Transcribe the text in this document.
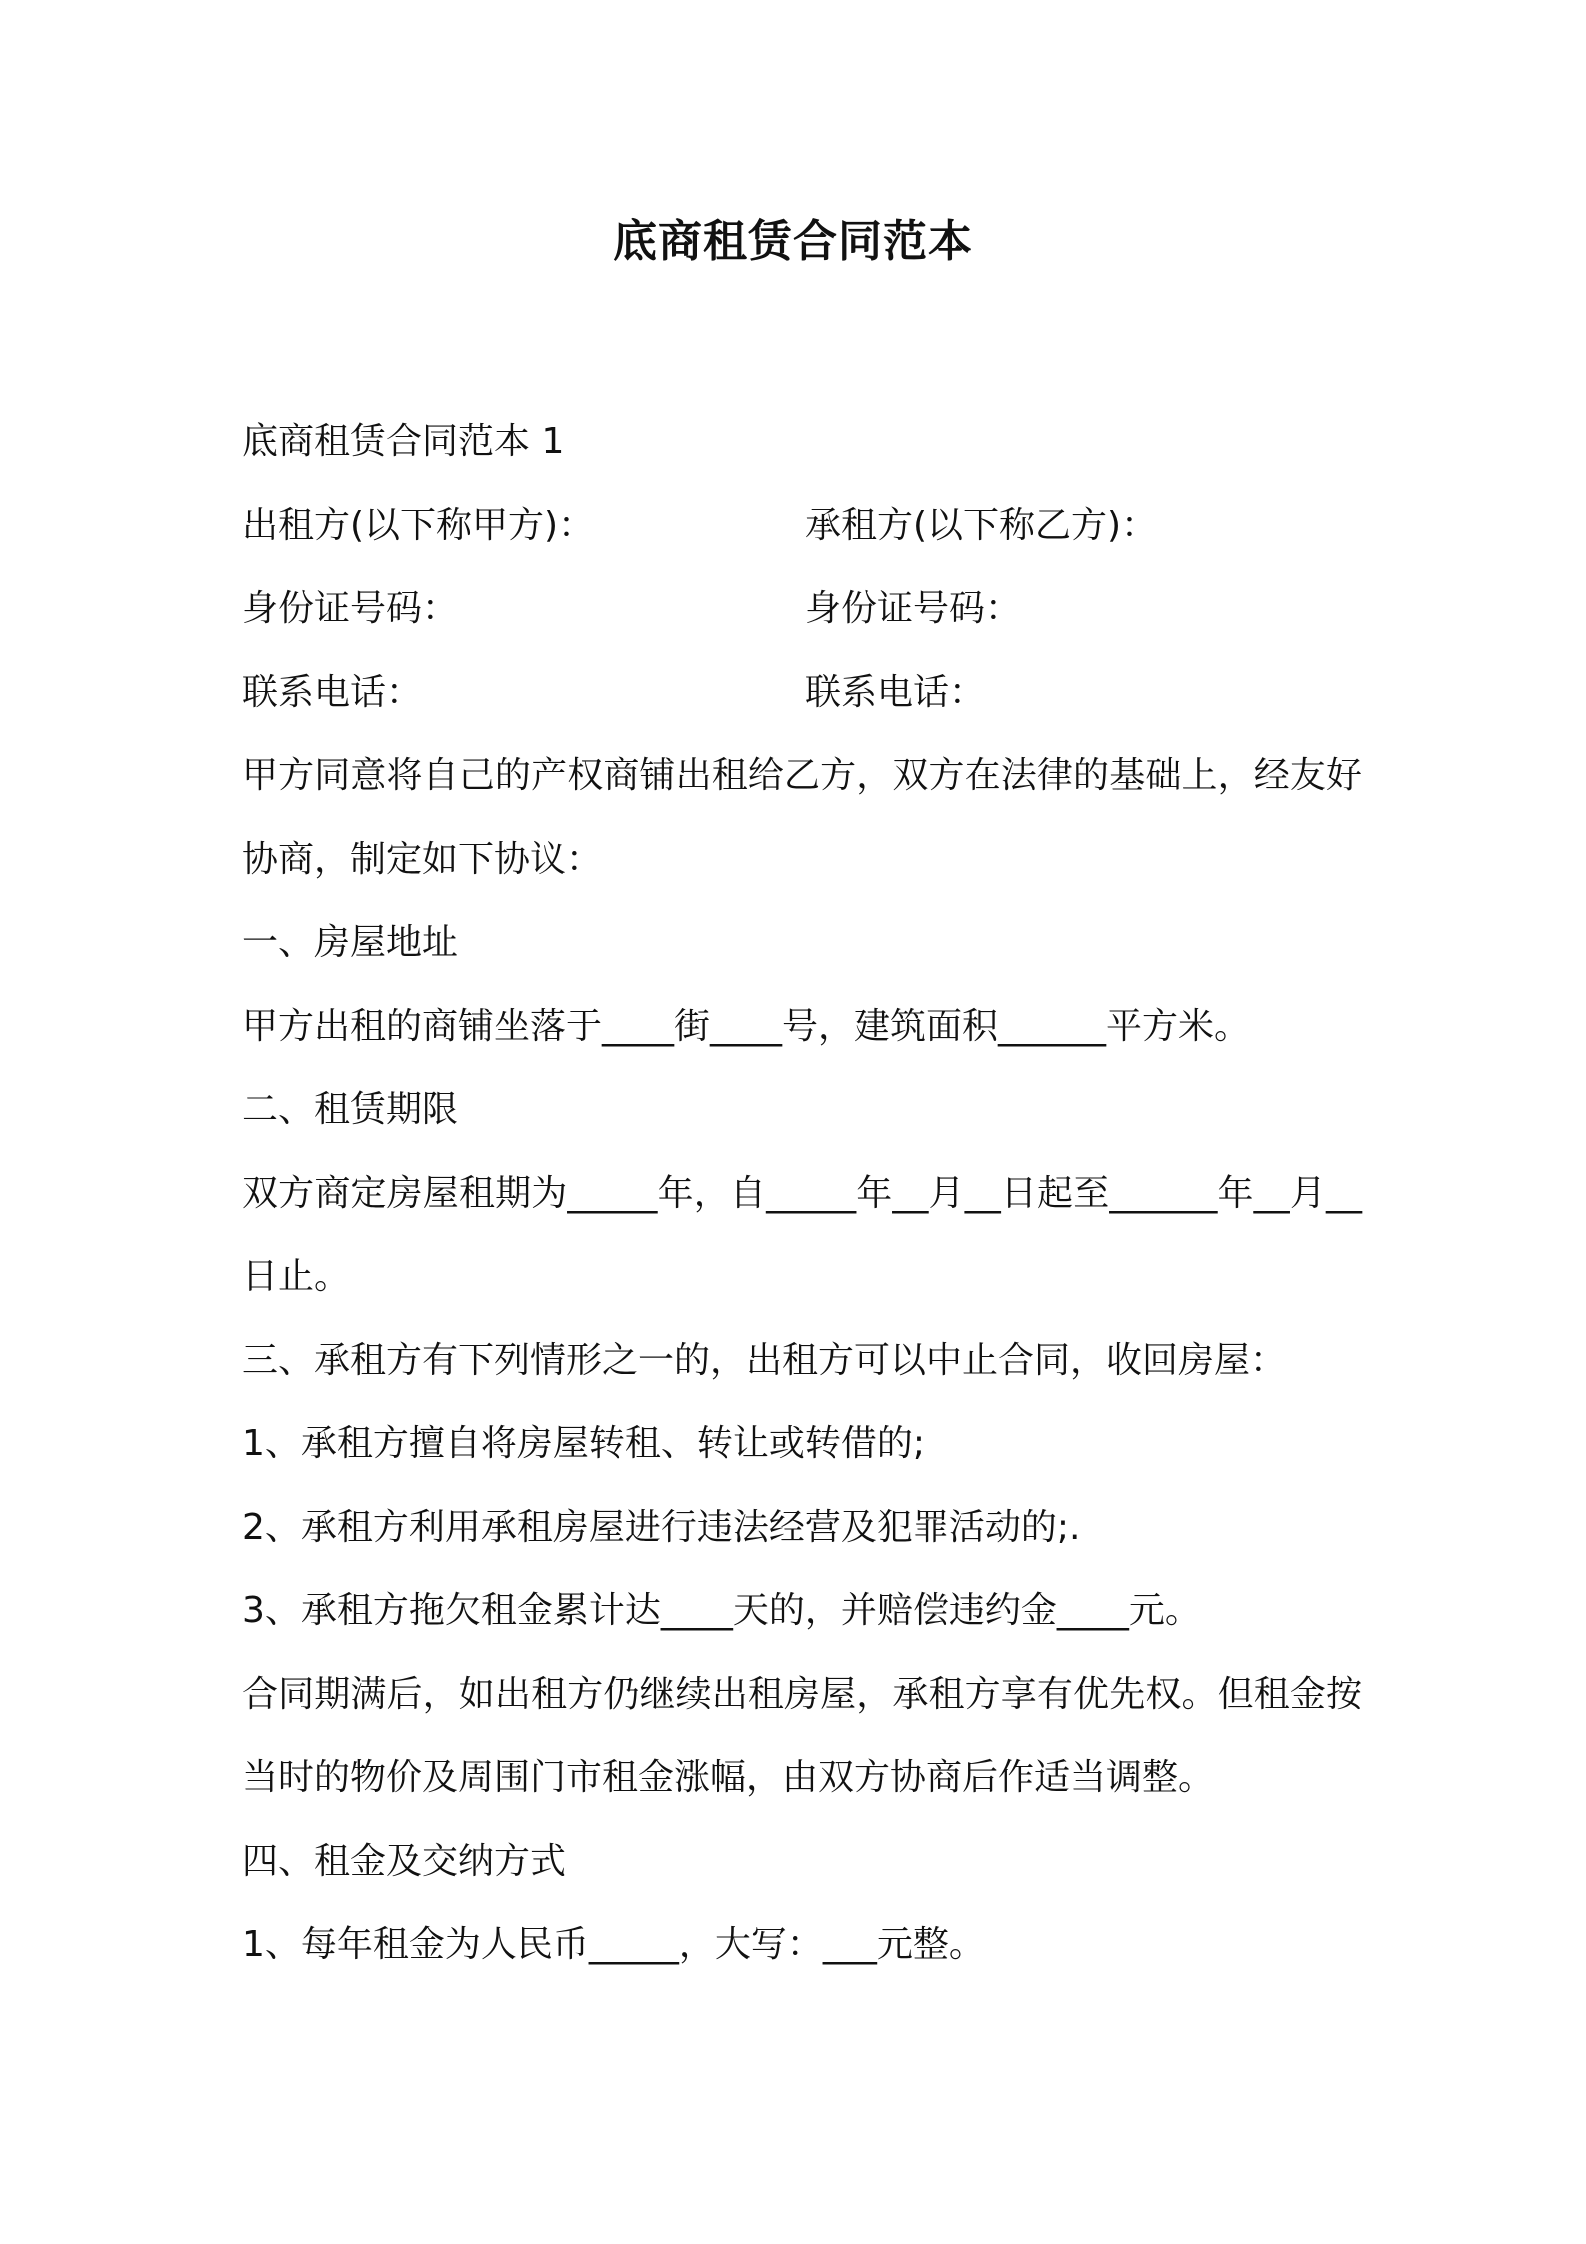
底商租赁合同范本

底商租赁合同范本 1

出租方(以下称甲方)：	承租方(以下称乙方)：
身份证号码：	身份证号码：
联系电话：	联系电话：

甲方同意将自己的产权商铺出租给乙方，双方在法律的基础上，经友好协商，制定如下协议：

一、房屋地址

甲方出租的商铺坐落于____街____号，建筑面积______平方米。

二、租赁期限

双方商定房屋租期为_____年，自_____年__月__日起至______年__月__日止。

三、承租方有下列情形之一的，出租方可以中止合同，收回房屋：

1、承租方擅自将房屋转租、转让或转借的;

2、承租方利用承租房屋进行违法经营及犯罪活动的;.

3、承租方拖欠租金累计达____天的，并赔偿违约金____元。

合同期满后，如出租方仍继续出租房屋，承租方享有优先权。但租金按当时的物价及周围门市租金涨幅，由双方协商后作适当调整。

四、租金及交纳方式

1、每年租金为人民币_____，大写：___元整。
